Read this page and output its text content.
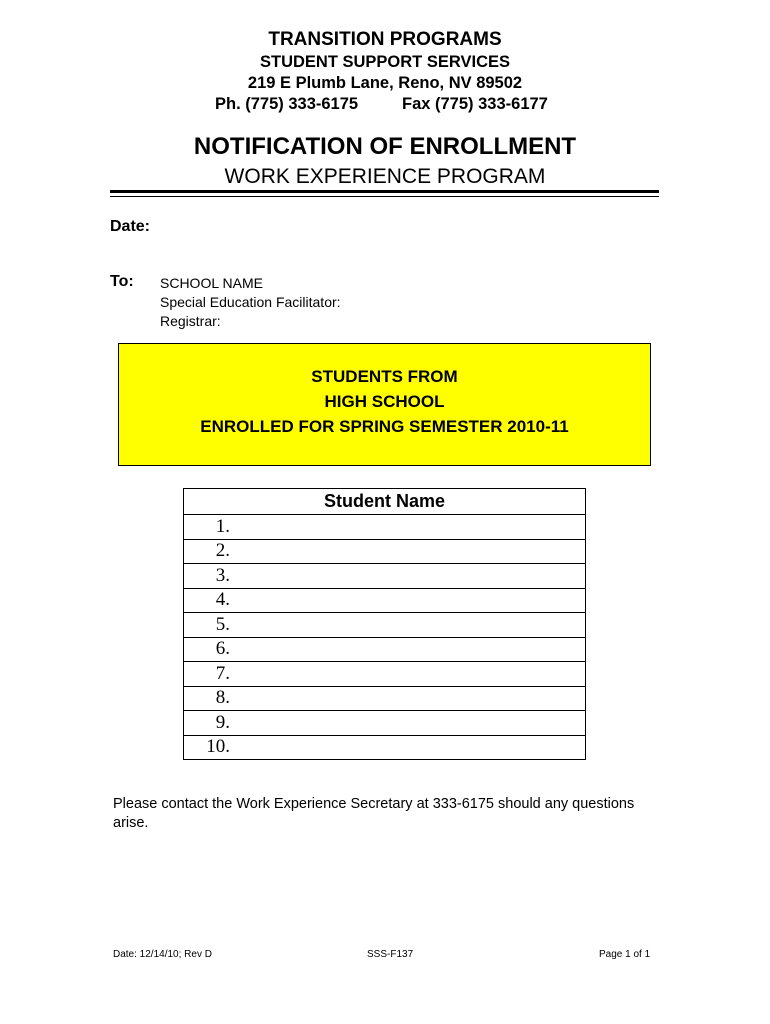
TRANSITION PROGRAMS
STUDENT SUPPORT SERVICES
219 E Plumb Lane, Reno, NV 89502
Ph. (775) 333-6175	Fax (775) 333-6177
NOTIFICATION OF ENROLLMENT
WORK EXPERIENCE PROGRAM
Date:
To: SCHOOL NAME
Special Education Facilitator:
Registrar:
STUDENTS FROM
HIGH SCHOOL
ENROLLED FOR SPRING SEMESTER 2010-11
Student Name
1.
2.
3.
4.
5.
6.
7.
8.
9.
10.
Please contact the Work Experience Secretary at 333-6175 should any questions arise.
Date: 12/14/10; Rev D	SSS-F137	Page 1 of 1
